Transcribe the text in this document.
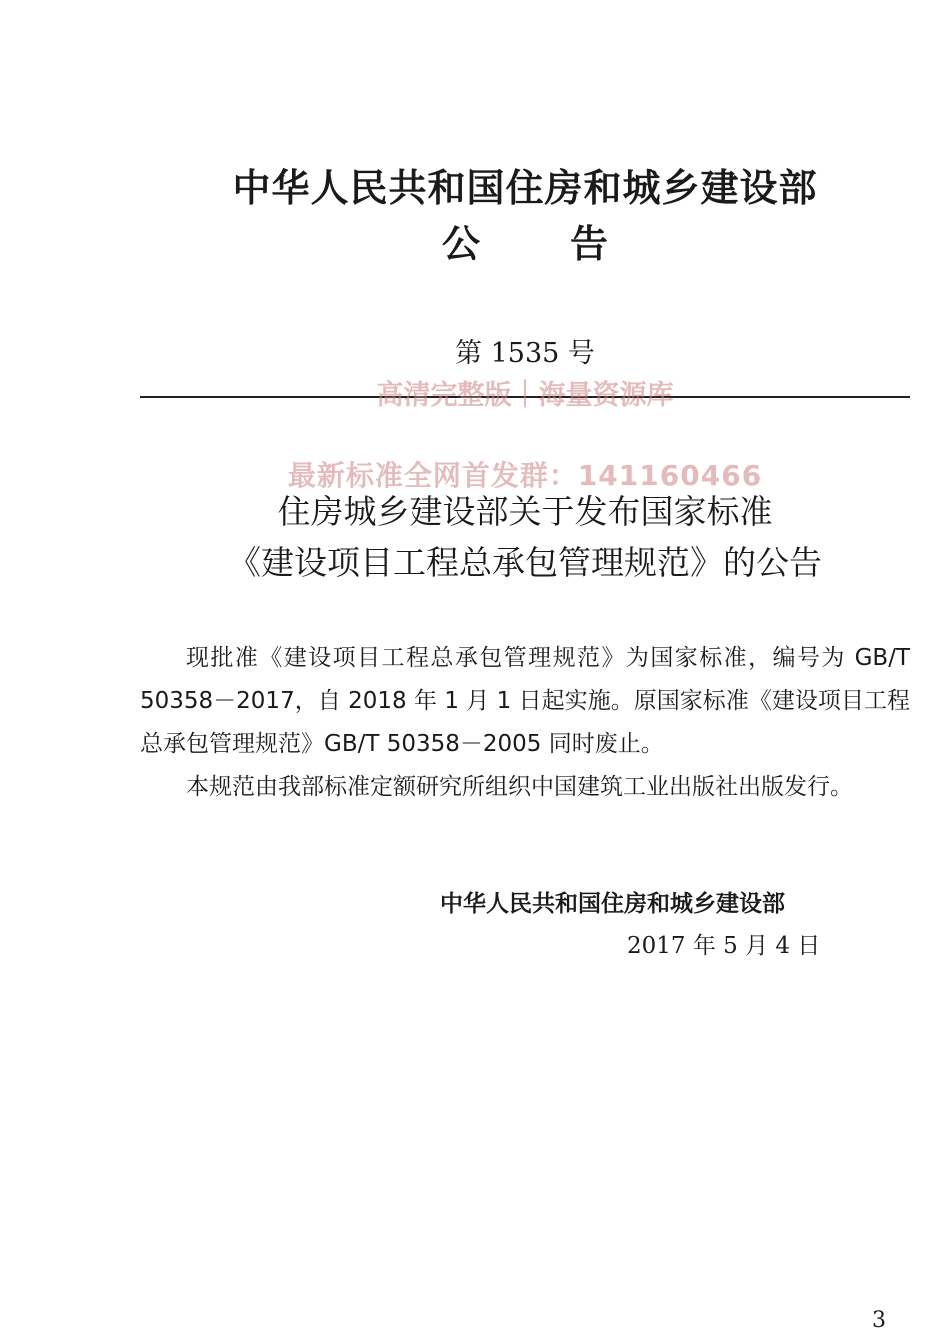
中华人民共和国住房和城乡建设部
公告
第 1535 号
高清完整版｜海量资源库
最新标准全网首发群：141160466
住房城乡建设部关于发布国家标准
《建设项目工程总承包管理规范》的公告

现批准《建设项目工程总承包管理规范》为国家标准，编号为 GB/T 50358－2017，自 2018 年 1 月 1 日起实施。原国家标准《建设项目工程总承包管理规范》GB/T 50358－2005 同时废止。

本规范由我部标准定额研究所组织中国建筑工业出版社出版发行。

中华人民共和国住房和城乡建设部
2017 年 5 月 4 日
3
